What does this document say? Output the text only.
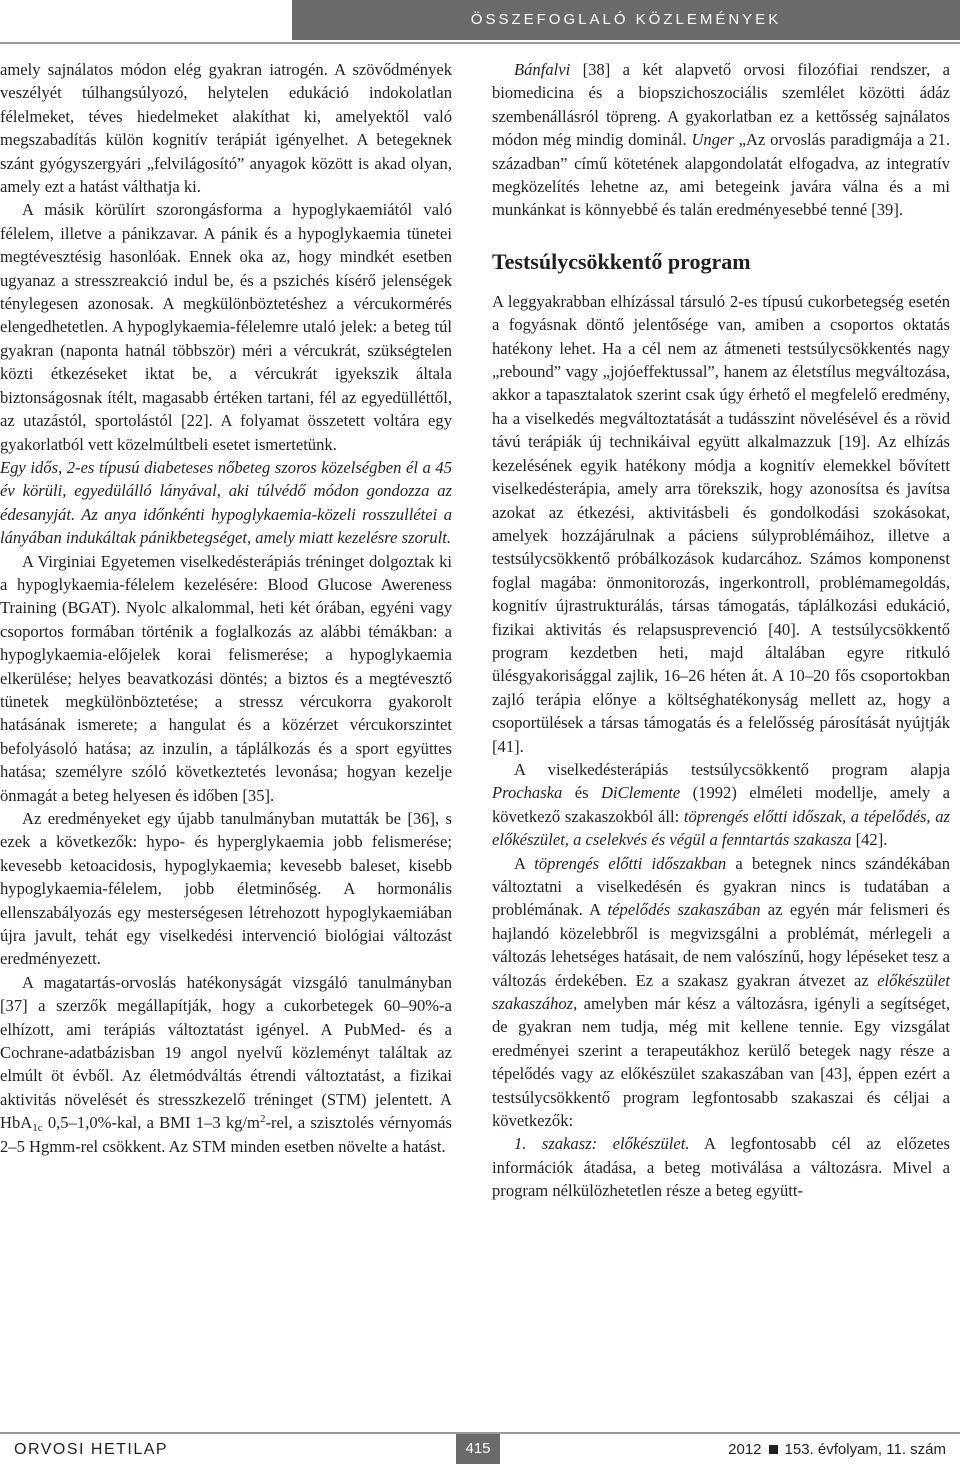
ÖSSZEFOGLALÓ KÖZLEMÉNYEK

amely sajnálatos módon elég gyakran iatrogén. A szövődmények veszélyét túlhangsúlyozó, helytelen edukáció indokolatlan félelmeket, téves hiedelmeket alakíthat ki, amelyektől való megszabadítás külön kognitív terápiát igényelhet. A betegeknek szánt gyógyszergyári „felvilágosító” anyagok között is akad olyan, amely ezt a hatást válthatja ki.

A másik körülírt szorongásforma a hypoglykaemiától való félelem, illetve a pánikzavar. A pánik és a hypoglykaemia tünetei megtévesztésig hasonlóak. Ennek oka az, hogy mindkét esetben ugyanaz a stresszreakció indul be, és a pszichés kísérő jelenségek ténylegesen azonosak. A megkülönböztetéshez a vércukormérés elengedhetetlen. A hypoglykaemia-félelemre utaló jelek: a beteg túl gyakran (naponta hatnál többször) méri a vércukrát, szükségtelen közti étkezéseket iktat be, a vércukrát igyekszik általa biztonságosnak ítélt, magasabb értéken tartani, fél az egyedülléttől, az utazástól, sportolástól [22]. A folyamat összetett voltára egy gyakorlatból vett közelmúltbeli esetet ismertetünk.

Egy idős, 2-es típusú diabeteses nőbeteg szoros közelségben él a 45 év körüli, egyedülálló lányával, aki túlvédő módon gondozza az édesanyját. Az anya időnkénti hypoglykaemia-közeli rosszullétei a lányában indukáltak pánikbetegséget, amely miatt kezelésre szorult.

A Virginiai Egyetemen viselkedésterápiás tréninget dolgoztak ki a hypoglykaemia-félelem kezelésére: Blood Glucose Awereness Training (BGAT). Nyolc alkalommal, heti két órában, egyéni vagy csoportos formában történik a foglalkozás az alábbi témákban: a hypoglykaemia-előjelek korai felismerése; a hypoglykaemia elkerülése; helyes beavatkozási döntés; a biztos és a megtévesztő tünetek megkülönböztetése; a stressz vércukorra gyakorolt hatásának ismerete; a hangulat és a közérzet vércukorszintet befolyásoló hatása; az inzulin, a táplálkozás és a sport együttes hatása; személyre szóló következtetés levonása; hogyan kezelje önmagát a beteg helyesen és időben [35].

Az eredményeket egy újabb tanulmányban mutatták be [36], s ezek a következők: hypo- és hyperglykaemia jobb felismerése; kevesebb ketoacidosis, hypoglykaemia; kevesebb baleset, kisebb hypoglykaemia-félelem, jobb életminőség. A hormonális ellenszabályozás egy mesterségesen létrehozott hypoglykaemiában újra javult, tehát egy viselkedési intervenció biológiai változást eredményezett.

A magatartás-orvoslás hatékonyságát vizsgáló tanulmányban [37] a szerzők megállapítják, hogy a cukorbetegek 60–90%-a elhízott, ami terápiás változtatást igényel. A PubMed- és a Cochrane-adatbázisban 19 angol nyelvű közleményt találtak az elmúlt öt évből. Az életmódváltás étrendi változtatást, a fizikai aktivitás növelését és stresszkezelő tréninget (STM) jelentett. A HbA$_{1c}$ 0,5–1,0%-kal, a BMI 1–3 $kg/m^2$-rel, a szisztolés vérnyomás 2–5 Hgmm-rel csökkent. Az STM minden esetben növelte a hatást.

Bánfalvi [38] a két alapvető orvosi filozófiai rendszer, a biomedicina és a biopszichoszociális szemlélet közötti ádáz szembenállásról töpreng. A gyakorlatban ez a kettősség sajnálatos módon még mindig dominál. Unger „Az orvoslás paradigmája a 21. században” című kötetének alapgondolatát elfogadva, az integratív megközelítés lehetne az, ami betegeink javára válna és a mi munkánkat is könnyebbé és talán eredményesebbé tenné [39].

Testsúlycsökkentő program

A leggyakrabban elhízással társuló 2-es típusú cukorbetegség esetén a fogyásnak döntő jelentősége van, amiben a csoportos oktatás hatékony lehet. Ha a cél nem az átmeneti testsúlycsökkentés nagy „rebound” vagy „jojóeffektussal”, hanem az életstílus megváltozása, akkor a tapasztalatok szerint csak úgy érhető el megfelelő eredmény, ha a viselkedés megváltoztatását a tudásszint növelésével és a rövid távú terápiák új technikáival együtt alkalmazzuk [19]. Az elhízás kezelésének egyik hatékony módja a kognitív elemekkel bővített viselkedésterápia, amely arra törekszik, hogy azonosítsa és javítsa azokat az étkezési, aktivitásbeli és gondolkodási szokásokat, amelyek hozzájárulnak a páciens súlyproblémáihoz, illetve a testsúlycsökkentő próbálkozások kudarcához. Számos komponenst foglal magába: önmonitorozás, ingerkontroll, problémamegoldás, kognitív újrastrukturálás, társas támogatás, táplálkozási edukáció, fizikai aktivitás és relapsusprevenció [40]. A testsúlycsökkentő program kezdetben heti, majd általában egyre ritkuló ülésgyakorisággal zajlik, 16–26 héten át. A 10–20 fős csoportokban zajló terápia előnye a költséghatékonyság mellett az, hogy a csoportülések a társas támogatás és a felelősség párosítását nyújtják [41].

A viselkedésterápiás testsúlycsökkentő program alapja Prochaska és DiClemente (1992) elméleti modellje, amely a következő szakaszokból áll: töprengés előtti időszak, a tépelődés, az előkészület, a cselekvés és végül a fenntartás szakasza [42].

A töprengés előtti időszakban a betegnek nincs szándékában változtatni a viselkedésén és gyakran nincs is tudatában a problémának. A tépelődés szakaszában az egyén már felismeri és hajlandó közelebbről is megvizsgálni a problémát, mérlegeli a változás lehetséges hatásait, de nem valószínű, hogy lépéseket tesz a változás érdekében. Ez a szakasz gyakran átvezet az előkészület szakaszához, amelyben már kész a változásra, igényli a segítséget, de gyakran nem tudja, még mit kellene tennie. Egy vizsgálat eredményei szerint a terapeutákhoz kerülő betegek nagy része a tépelődés vagy az előkészület szakaszában van [43], éppen ezért a testsúlycsökkentő program legfontosabb szakaszai és céljai a következők:

1. szakasz: előkészület. A legfontosabb cél az előzetes információk átadása, a beteg motiválása a változásra. Mivel a program nélkülözhetetlen része a beteg együtt-

ORVOSI HETILAP	415	2012 153. évfolyam, 11. szám
